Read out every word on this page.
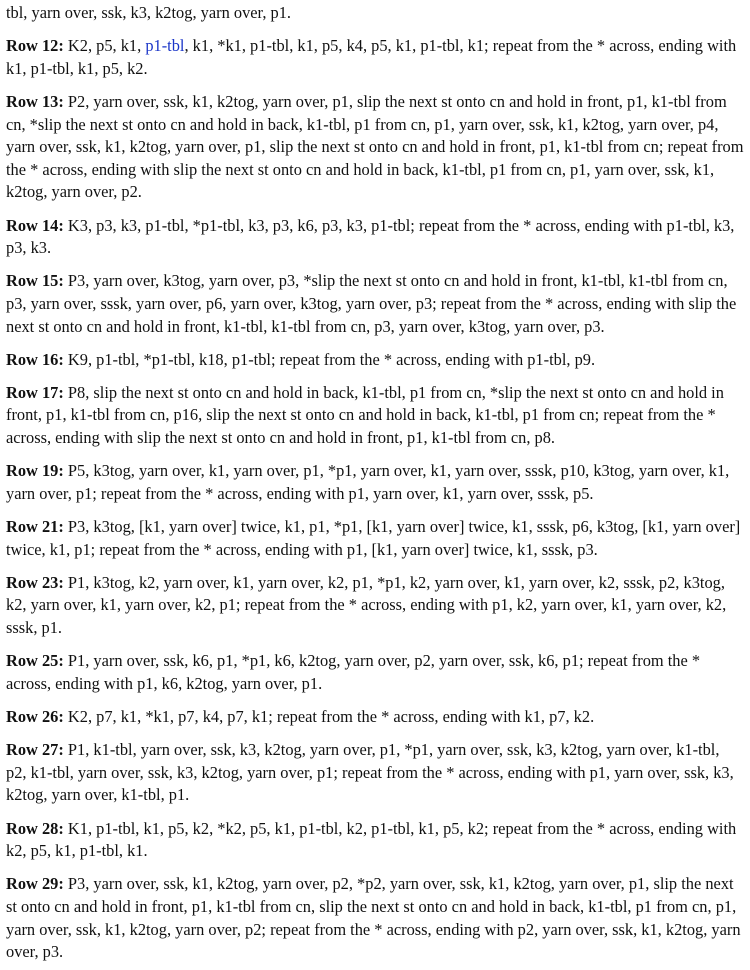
tbl, yarn over, ssk, k3, k2tog, yarn over, p1.

Row 12: K2, p5, k1, p1-tbl, k1, *k1, p1-tbl, k1, p5, k4, p5, k1, p1-tbl, k1; repeat from the * across, ending with k1, p1-tbl, k1, p5, k2.

Row 13: P2, yarn over, ssk, k1, k2tog, yarn over, p1, slip the next st onto cn and hold in front, p1, k1-tbl from cn, *slip the next st onto cn and hold in back, k1-tbl, p1 from cn, p1, yarn over, ssk, k1, k2tog, yarn over, p4, yarn over, ssk, k1, k2tog, yarn over, p1, slip the next st onto cn and hold in front, p1, k1-tbl from cn; repeat from the * across, ending with slip the next st onto cn and hold in back, k1-tbl, p1 from cn, p1, yarn over, ssk, k1, k2tog, yarn over, p2.

Row 14: K3, p3, k3, p1-tbl, *p1-tbl, k3, p3, k6, p3, k3, p1-tbl; repeat from the * across, ending with p1-tbl, k3, p3, k3.

Row 15: P3, yarn over, k3tog, yarn over, p3, *slip the next st onto cn and hold in front, k1-tbl, k1-tbl from cn, p3, yarn over, sssk, yarn over, p6, yarn over, k3tog, yarn over, p3; repeat from the * across, ending with slip the next st onto cn and hold in front, k1-tbl, k1-tbl from cn, p3, yarn over, k3tog, yarn over, p3.

Row 16: K9, p1-tbl, *p1-tbl, k18, p1-tbl; repeat from the * across, ending with p1-tbl, p9.

Row 17: P8, slip the next st onto cn and hold in back, k1-tbl, p1 from cn, *slip the next st onto cn and hold in front, p1, k1-tbl from cn, p16, slip the next st onto cn and hold in back, k1-tbl, p1 from cn; repeat from the * across, ending with slip the next st onto cn and hold in front, p1, k1-tbl from cn, p8.

Row 19: P5, k3tog, yarn over, k1, yarn over, p1, *p1, yarn over, k1, yarn over, sssk, p10, k3tog, yarn over, k1, yarn over, p1; repeat from the * across, ending with p1, yarn over, k1, yarn over, sssk, p5.

Row 21: P3, k3tog, [k1, yarn over] twice, k1, p1, *p1, [k1, yarn over] twice, k1, sssk, p6, k3tog, [k1, yarn over] twice, k1, p1; repeat from the * across, ending with p1, [k1, yarn over] twice, k1, sssk, p3.

Row 23: P1, k3tog, k2, yarn over, k1, yarn over, k2, p1, *p1, k2, yarn over, k1, yarn over, k2, sssk, p2, k3tog, k2, yarn over, k1, yarn over, k2, p1; repeat from the * across, ending with p1, k2, yarn over, k1, yarn over, k2, sssk, p1.

Row 25: P1, yarn over, ssk, k6, p1, *p1, k6, k2tog, yarn over, p2, yarn over, ssk, k6, p1; repeat from the * across, ending with p1, k6, k2tog, yarn over, p1.

Row 26: K2, p7, k1, *k1, p7, k4, p7, k1; repeat from the * across, ending with k1, p7, k2.

Row 27: P1, k1-tbl, yarn over, ssk, k3, k2tog, yarn over, p1, *p1, yarn over, ssk, k3, k2tog, yarn over, k1-tbl, p2, k1-tbl, yarn over, ssk, k3, k2tog, yarn over, p1; repeat from the * across, ending with p1, yarn over, ssk, k3, k2tog, yarn over, k1-tbl, p1.

Row 28: K1, p1-tbl, k1, p5, k2, *k2, p5, k1, p1-tbl, k2, p1-tbl, k1, p5, k2; repeat from the * across, ending with k2, p5, k1, p1-tbl, k1.

Row 29: P3, yarn over, ssk, k1, k2tog, yarn over, p2, *p2, yarn over, ssk, k1, k2tog, yarn over, p1, slip the next st onto cn and hold in front, p1, k1-tbl from cn, slip the next st onto cn and hold in back, k1-tbl, p1 from cn, p1, yarn over, ssk, k1, k2tog, yarn over, p2; repeat from the * across, ending with p2, yarn over, ssk, k1, k2tog, yarn over, p3.
